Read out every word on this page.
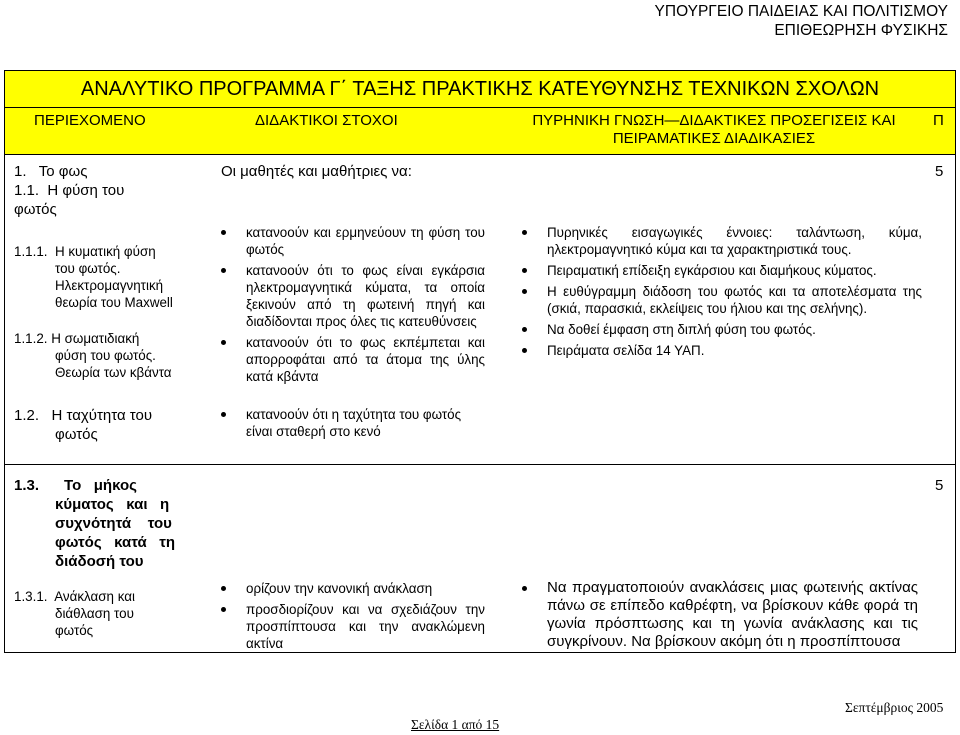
ΥΠΟΥΡΓΕΙΟ ΠΑΙΔΕΙΑΣ ΚΑΙ ΠΟΛΙΤΙΣΜΟΥ
ΕΠΙΘΕΩΡΗΣΗ ΦΥΣΙΚΗΣ
ΑΝΑΛΥΤΙΚΟ ΠΡΟΓΡΑΜΜΑ Γ΄ ΤΑΞΗΣ ΠΡΑΚΤΙΚΗΣ ΚΑΤΕΥΘΥΝΣΗΣ ΤΕΧΝΙΚΩΝ ΣΧΟΛΩΝ
ΠΕΡΙΕΧΟΜΕΝΟ	ΔΙΔΑΚΤΙΚΟΙ ΣΤΟΧΟΙ	ΠΥΡΗΝΙΚΗ ΓΝΩΣΗ—ΔΙΔΑΚΤΙΚΕΣ ΠΡΟΣΕΓΙΣΕΙΣ ΚΑΙ
ΠΕΙΡΑΜΑΤΙΚΕΣ ΔΙΑΔΙΚΑΣΙΕΣ
Π
1.   Το φως
1.1.  Η φύση του
φωτός
1.1.1.  Η κυματική φύση
του φωτός.
Ηλεκτρομαγνητική
θεωρία του Maxwell
1.1.2. Η σωματιδιακή
φύση του φωτός.
Θεωρία των κβάντα
1.2.   Η ταχύτητα του
φωτός
Οι μαθητές και μαθήτριες να:
κατανοούν και ερμηνεύουν τη φύση του φωτός
κατανοούν ότι το φως είναι εγκάρσια ηλεκτρομαγνητικά κύματα, τα οποία ξεκινούν από τη φωτεινή πηγή και διαδίδονται προς όλες τις κατευθύνσεις
κατανοούν ότι το φως εκπέμπεται και απορροφάται από τα άτομα της ύλης κατά κβάντα
κατανοούν ότι η ταχύτητα του φωτός είναι σταθερή στο κενό
Πυρηνικές εισαγωγικές έννοιες: ταλάντωση, κύμα, ηλεκτρομαγνητικό κύμα και τα χαρακτηριστικά τους.
Πειραματική επίδειξη εγκάρσιου και διαμήκους κύματος.
Η ευθύγραμμη διάδοση του φωτός και τα αποτελέσματα της (σκιά, παρασκιά, εκλείψεις του ήλιου και της σελήνης).
Να δοθεί έμφαση στη διπλή φύση του φωτός.
Πειράματα σελίδα 14 ΥΑΠ.
5
1.3.      Το   μήκος
κύματος   και   η
συχνότητά    του
φωτός   κατά   τη
διάδοσή του
1.3.1.  Ανάκλαση και
διάθλαση του
φωτός
ορίζουν την κανονική ανάκλαση
προσδιορίζουν και να σχεδιάζουν την προσπίπτουσα και την ανακλώμενη ακτίνα
Να πραγματοποιούν ανακλάσεις μιας φωτεινής ακτίνας πάνω σε επίπεδο καθρέφτη, να βρίσκουν κάθε φορά τη γωνία πρόσπτωσης και τη γωνία ανάκλασης και τις συγκρίνουν. Να βρίσκουν ακόμη ότι η προσπίπτουσα
5
Σελίδα 1 από 15
Σεπτέμβριος 2005
